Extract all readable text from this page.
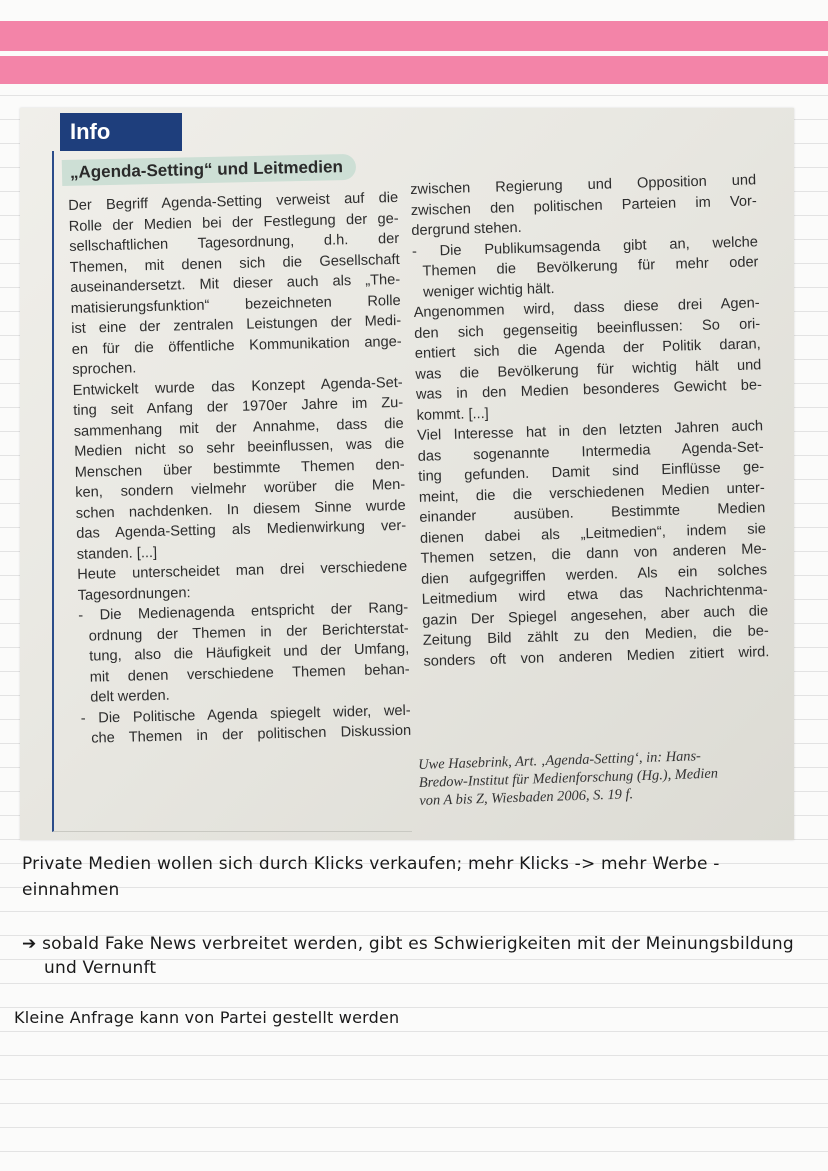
Info
„Agenda-Setting“ und Leitmedien
Der Begriff Agenda-Setting verweist auf die
Rolle der Medien bei der Festlegung der ge-
sellschaftlichen Tagesordnung, d.h. der
Themen, mit denen sich die Gesellschaft
auseinandersetzt. Mit dieser auch als „The-
matisierungsfunktion“ bezeichneten Rolle
ist eine der zentralen Leistungen der Medi-
en für die öffentliche Kommunikation ange-
sprochen.
Entwickelt wurde das Konzept Agenda-Set-
ting seit Anfang der 1970er Jahre im Zu-
sammenhang mit der Annahme, dass die
Medien nicht so sehr beeinflussen, was die
Menschen über bestimmte Themen den-
ken, sondern vielmehr worüber die Men-
schen nachdenken. In diesem Sinne wurde
das Agenda-Setting als Medienwirkung ver-
standen. [...]
Heute unterscheidet man drei verschiedene
Tagesordnungen:
- Die Medienagenda entspricht der Rang-
ordnung der Themen in der Berichterstat-
tung, also die Häufigkeit und der Umfang,
mit denen verschiedene Themen behan-
delt werden.
- Die Politische Agenda spiegelt wider, wel-
che Themen in der politischen Diskussion
zwischen Regierung und Opposition und
zwischen den politischen Parteien im Vor-
dergrund stehen.
- Die Publikumsagenda gibt an, welche
Themen die Bevölkerung für mehr oder
weniger wichtig hält.
Angenommen wird, dass diese drei Agen-
den sich gegenseitig beeinflussen: So ori-
entiert sich die Agenda der Politik daran,
was die Bevölkerung für wichtig hält und
was in den Medien besonderes Gewicht be-
kommt. [...]
Viel Interesse hat in den letzten Jahren auch
das sogenannte Intermedia Agenda-Set-
ting gefunden. Damit sind Einflüsse ge-
meint, die die verschiedenen Medien unter-
einander ausüben. Bestimmte Medien
dienen dabei als „Leitmedien“, indem sie
Themen setzen, die dann von anderen Me-
dien aufgegriffen werden. Als ein solches
Leitmedium wird etwa das Nachrichtenma-
gazin Der Spiegel angesehen, aber auch die
Zeitung Bild zählt zu den Medien, die be-
sonders oft von anderen Medien zitiert wird.
Uwe Hasebrink, Art. ‚Agenda-Setting‘, in: Hans-
Bredow-Institut für Medienforschung (Hg.), Medien
von A bis Z, Wiesbaden 2006, S. 19 f.
Private Medien wollen sich durch Klicks verkaufen; mehr Klicks -> mehr Werbe -
einnahmen
➔ sobald Fake News verbreitet werden, gibt es Schwierigkeiten mit der Meinungsbildung
und Vernunft
Kleine Anfrage kann von Partei gestellt werden
